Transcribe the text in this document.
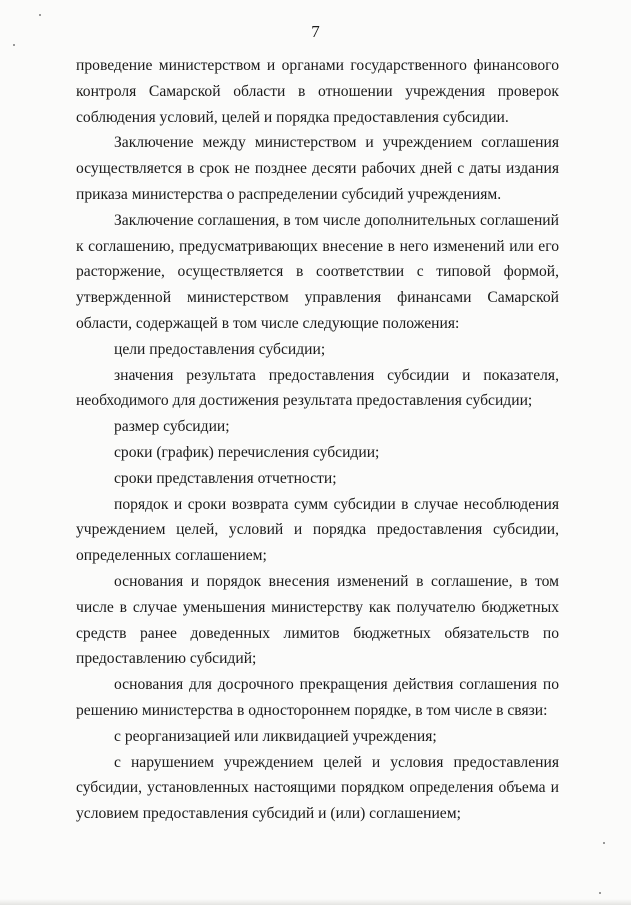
7

проведение министерством и органами государственного финансового контроля Самарской области в отношении учреждения проверок соблюдения условий, целей и порядка предоставления субсидии.

Заключение между министерством и учреждением соглашения осуществляется в срок не позднее десяти рабочих дней с даты издания приказа министерства о распределении субсидий учреждениям.

Заключение соглашения, в том числе дополнительных соглашений к соглашению, предусматривающих внесение в него изменений или его расторжение, осуществляется в соответствии с типовой формой, утвержденной министерством управления финансами Самарской области, содержащей в том числе следующие положения:

цели предоставления субсидии;

значения результата предоставления субсидии и показателя, необходимого для достижения результата предоставления субсидии;

размер субсидии;

сроки (график) перечисления субсидии;

сроки представления отчетности;

порядок и сроки возврата сумм субсидии в случае несоблюдения учреждением целей, условий и порядка предоставления субсидии, определенных соглашением;

основания и порядок внесения изменений в соглашение, в том числе в случае уменьшения министерству как получателю бюджетных средств ранее доведенных лимитов бюджетных обязательств по предоставлению субсидий;

основания для досрочного прекращения действия соглашения по решению министерства в одностороннем порядке, в том числе в связи:

с реорганизацией или ликвидацией учреждения;

с нарушением учреждением целей и условия предоставления субсидии, установленных настоящими порядком определения объема и условием предоставления субсидий и (или) соглашением;
